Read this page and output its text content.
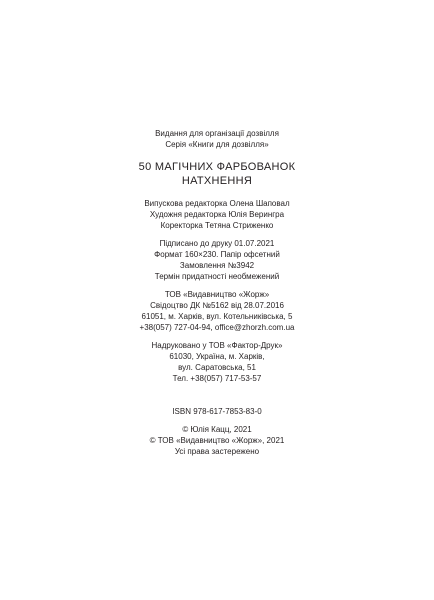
Видання для організації дозвілля
Серія «Книги для дозвілля»
50 МАГІЧНИХ ФАРБОВАНОК
НАТХНЕННЯ
Випускова редакторка Олена Шаповал
Художня редакторка Юлія Верингра
Коректорка Тетяна Стриженко
Підписано до друку 01.07.2021
Формат 160×230. Папір офсетний
Замовлення №3942
Термін придатності необмежений
ТОВ «Видавництво «Жорж»
Свідоцтво ДК №5162 від 28.07.2016
61051, м. Харків, вул. Котельниківська, 5
+38(057) 727-04-94, office@zhorzh.com.ua
Надруковано у ТОВ «Фактор-Друк»
61030, Україна, м. Харків,
вул. Саратовська, 51
Тел. +38(057) 717-53-57
ISBN 978-617-7853-83-0
© Юлія Кацц, 2021
© ТОВ «Видавництво «Жорж», 2021
Усі права застережено
